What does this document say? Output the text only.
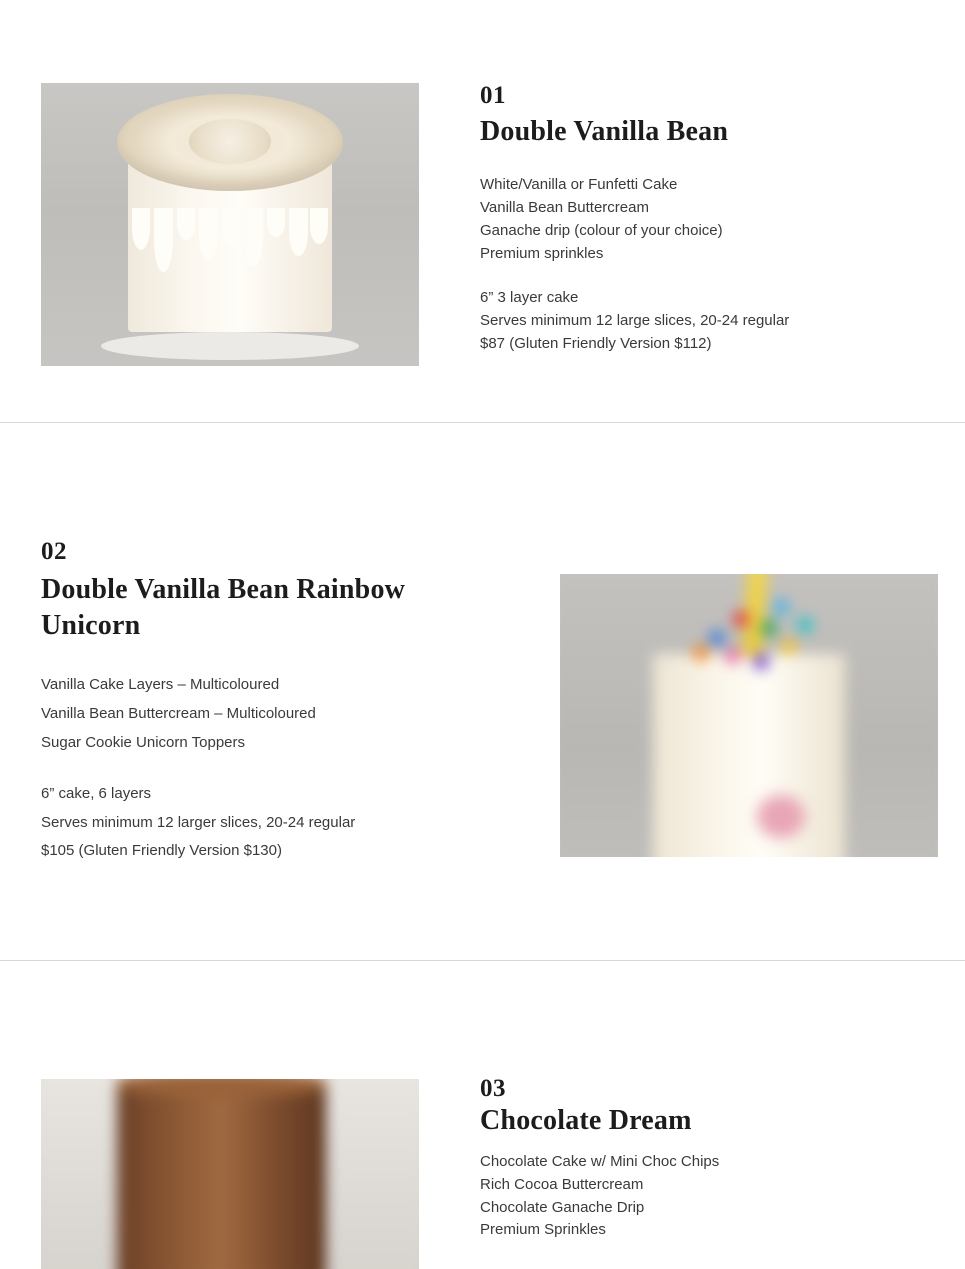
01
Double Vanilla Bean
White/Vanilla or Funfetti Cake
Vanilla Bean Buttercream
Ganache drip (colour of your choice)
Premium sprinkles
6” 3 layer cake
Serves minimum 12 large slices, 20-24 regular
$87 (Gluten Friendly Version $112)
02
Double Vanilla Bean Rainbow Unicorn
Vanilla Cake Layers – Multicoloured
Vanilla Bean Buttercream – Multicoloured
Sugar Cookie Unicorn Toppers
6” cake, 6 layers
Serves minimum 12 larger slices, 20-24 regular
$105 (Gluten Friendly Version $130)
03
Chocolate Dream
Chocolate Cake w/ Mini Choc Chips
Rich Cocoa Buttercream
Chocolate Ganache Drip
Premium Sprinkles
